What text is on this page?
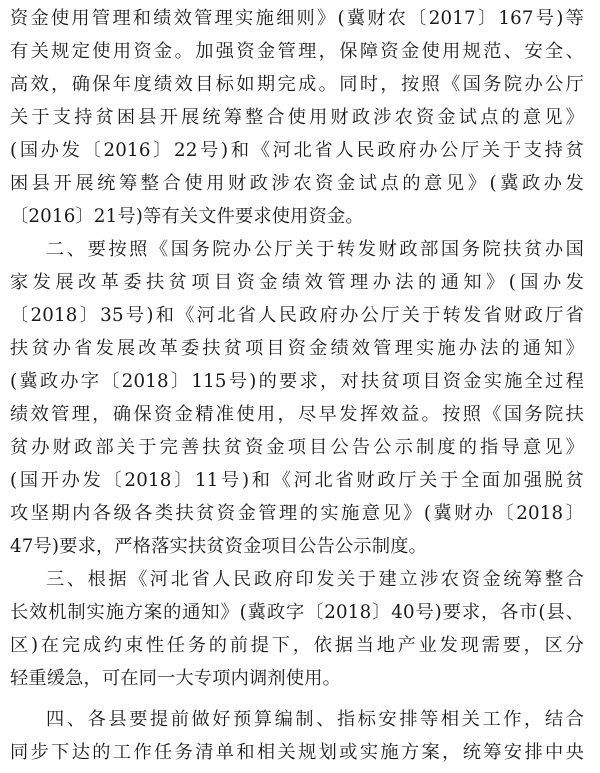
资金使用管理和绩效管理实施细则》(冀财农〔2017〕167号)等
有关规定使用资金。加强资金管理，保障资金使用规范、安全、
高效，确保年度绩效目标如期完成。同时，按照《国务院办公厅
关于支持贫困县开展统筹整合使用财政涉农资金试点的意见》
(国办发〔2016〕22号)和《河北省人民政府办公厅关于支持贫
困县开展统筹整合使用财政涉农资金试点的意见》(冀政办发
〔2016〕21号)等有关文件要求使用资金。
二、要按照《国务院办公厅关于转发财政部国务院扶贫办国
家发展改革委扶贫项目资金绩效管理办法的通知》(国办发
〔2018〕35号)和《河北省人民政府办公厅关于转发省财政厅省
扶贫办省发展改革委扶贫项目资金绩效管理实施办法的通知》
(冀政办字〔2018〕115号)的要求，对扶贫项目资金实施全过程
绩效管理，确保资金精准使用，尽早发挥效益。按照《国务院扶
贫办财政部关于完善扶贫资金项目公告公示制度的指导意见》
(国开办发〔2018〕11号)和《河北省财政厅关于全面加强脱贫
攻坚期内各级各类扶贫资金管理的实施意见》(冀财办〔2018〕
47号)要求，严格落实扶贫资金项目公告公示制度。
三、根据《河北省人民政府印发关于建立涉农资金统筹整合
长效机制实施方案的通知》(冀政字〔2018〕40号)要求，各市(县、
区)在完成约束性任务的前提下，依据当地产业发现需要，区分
轻重缓急，可在同一大专项内调剂使用。
四、各县要提前做好预算编制、指标安排等相关工作，结合
同步下达的工作任务清单和相关规划或实施方案，统筹安排中央
